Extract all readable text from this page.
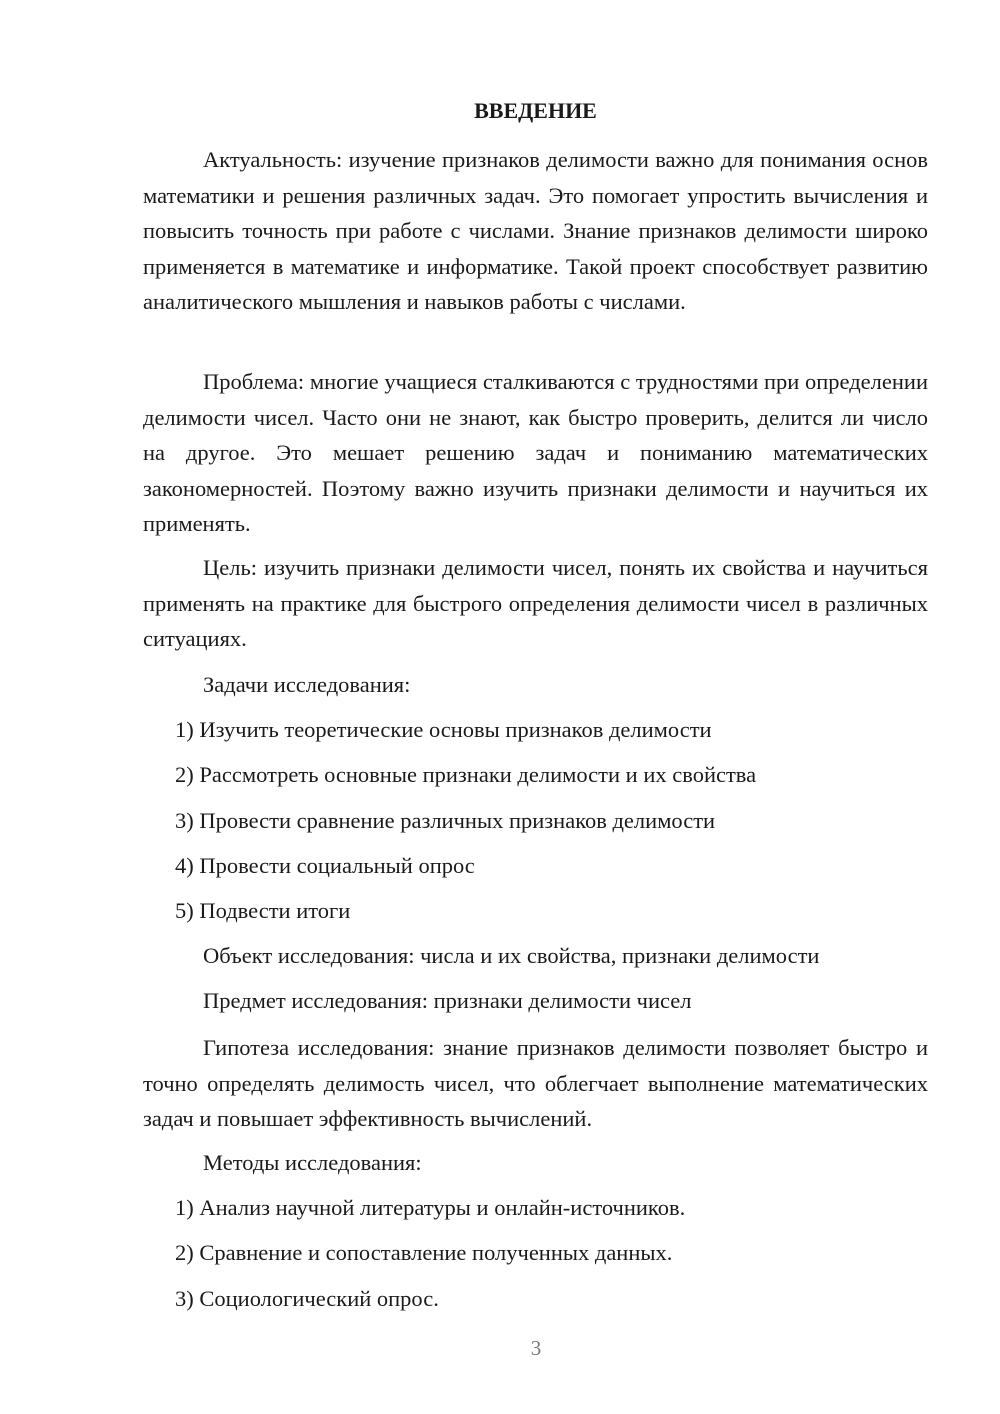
ВВЕДЕНИЕ

Актуальность: изучение признаков делимости важно для понимания основ математики и решения различных задач. Это помогает упростить вычисления и повысить точность при работе с числами. Знание признаков делимости широко применяется в математике и информатике. Такой проект способствует развитию аналитического мышления и навыков работы с числами.

Проблема: многие учащиеся сталкиваются с трудностями при определении делимости чисел. Часто они не знают, как быстро проверить, делится ли число на другое. Это мешает решению задач и пониманию математических закономерностей. Поэтому важно изучить признаки делимости и научиться их применять.

Цель: изучить признаки делимости чисел, понять их свойства и научиться применять на практике для быстрого определения делимости чисел в различных ситуациях.

Задачи исследования:
1) Изучить теоретические основы признаков делимости
2) Рассмотреть основные признаки делимости и их свойства
3) Провести сравнение различных признаков делимости
4) Провести социальный опрос
5) Подвести итоги
Объект исследования: числа и их свойства, признаки делимости
Предмет исследования: признаки делимости чисел

Гипотеза исследования: знание признаков делимости позволяет быстро и точно определять делимость чисел, что облегчает выполнение математических задач и повышает эффективность вычислений.

Методы исследования:
1) Анализ научной литературы и онлайн-источников.
2) Сравнение и сопоставление полученных данных.
3) Социологический опрос.
3
